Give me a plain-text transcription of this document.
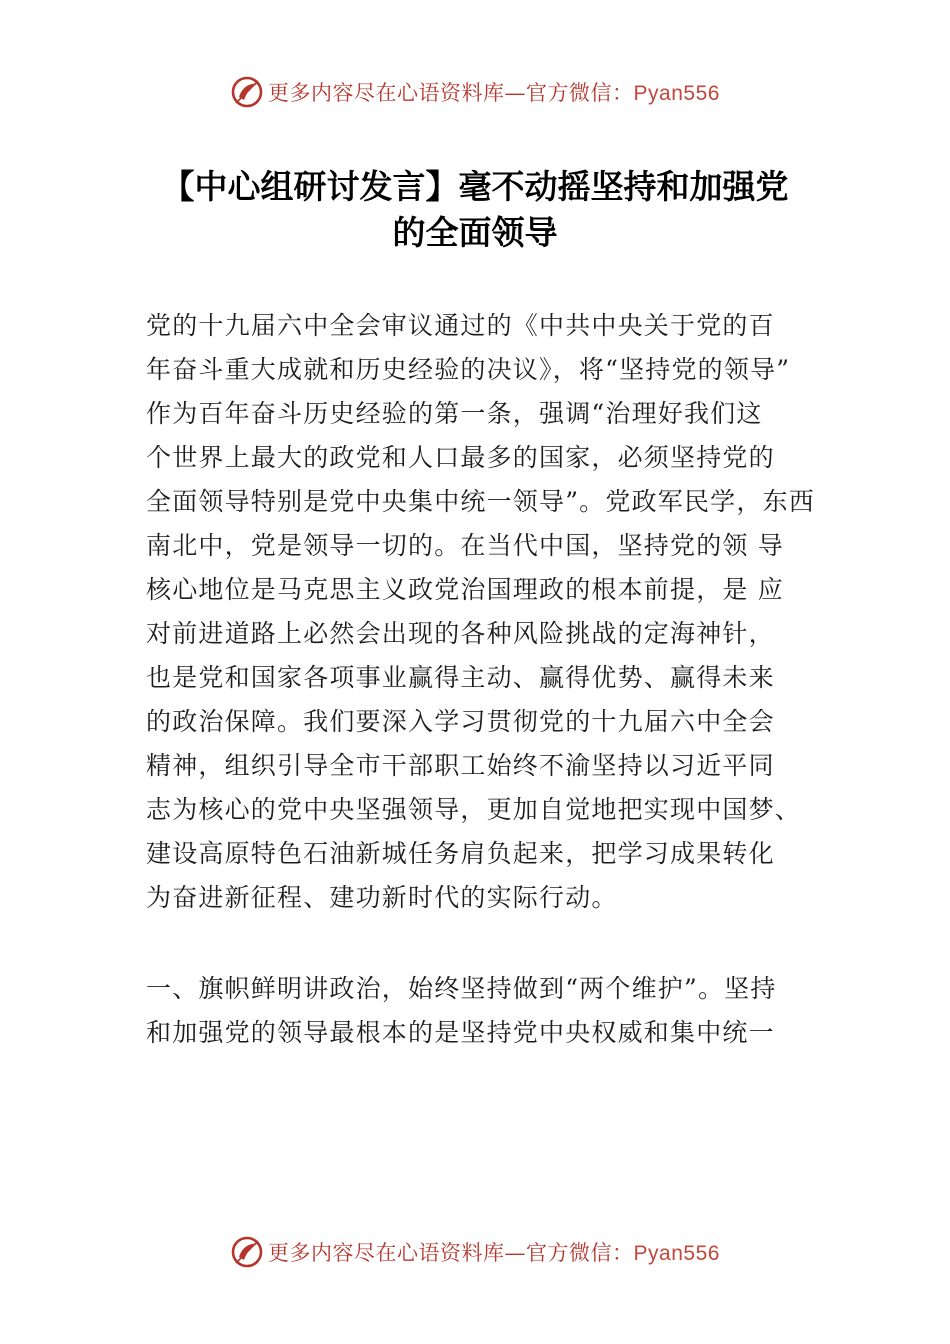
更多内容尽在心语资料库—官方微信：Pyan556
【中心组研讨发言】毫不动摇坚持和加强党
的全面领导
党的十九届六中全会审议通过的《中共中央关于党的百
年奋斗重大成就和历史经验的决议》，将“坚持党的领导”
作为百年奋斗历史经验的第一条，强调“治理好我们这
个世界上最大的政党和人口最多的国家，必须坚持党的
全面领导特别是党中央集中统一领导”。党政军民学，东西
南北中，党是领导一切的。在当代中国，坚持党的领 导
核心地位是马克思主义政党治国理政的根本前提，是 应
对前进道路上必然会出现的各种风险挑战的定海神针，
也是党和国家各项事业赢得主动、赢得优势、赢得未来
的政治保障。我们要深入学习贯彻党的十九届六中全会
精神，组织引导全市干部职工始终不渝坚持以习近平同
志为核心的党中央坚强领导，更加自觉地把实现中国梦、
建设高原特色石油新城任务肩负起来，把学习成果转化
为奋进新征程、建功新时代的实际行动。
一、旗帜鲜明讲政治，始终坚持做到“两个维护”。坚持
和加强党的领导最根本的是坚持党中央权威和集中统一
更多内容尽在心语资料库—官方微信：Pyan556
